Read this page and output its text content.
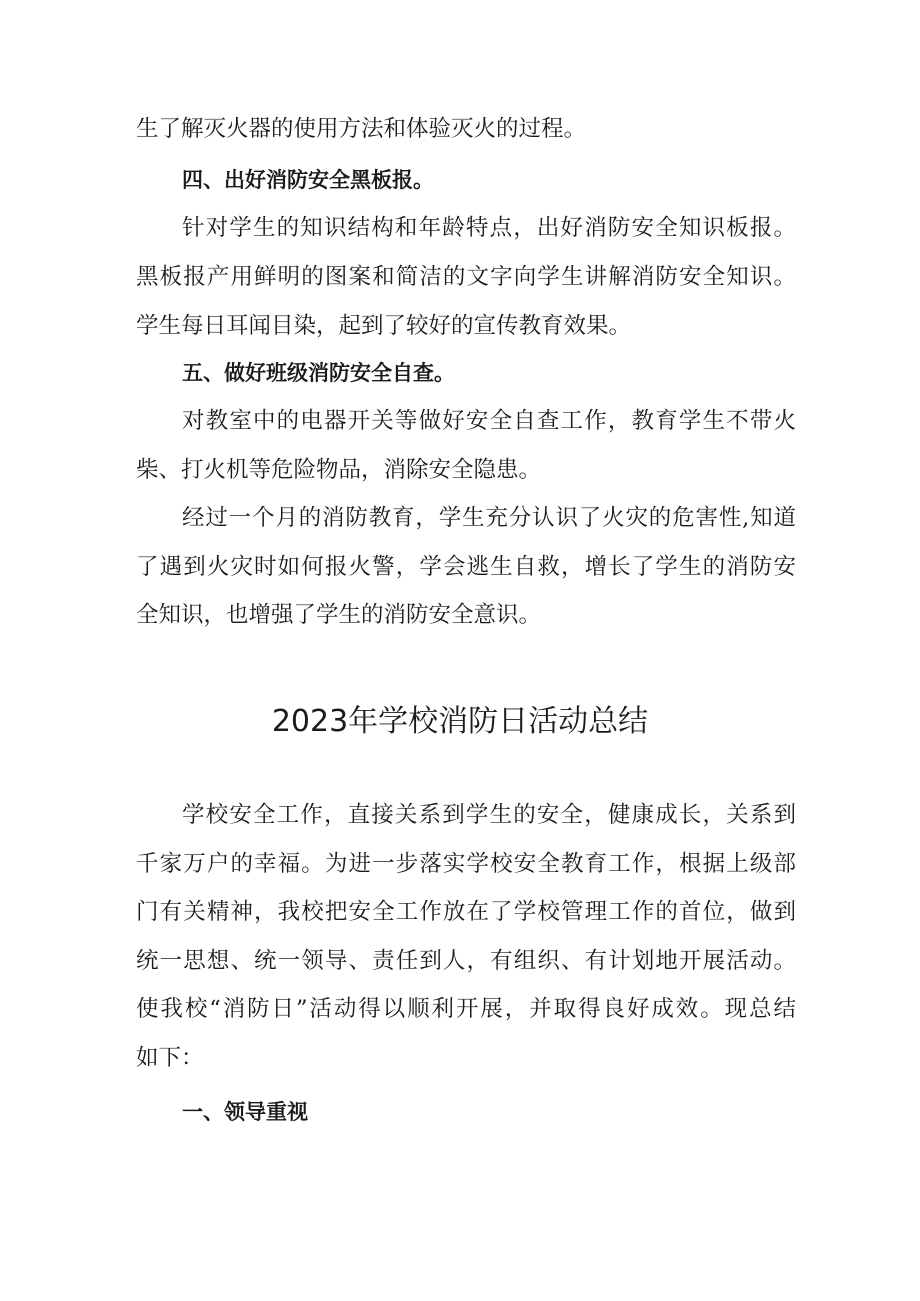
生了解灭火器的使用方法和体验灭火的过程。
四、出好消防安全黑板报。
针对学生的知识结构和年龄特点，出好消防安全知识板报。
黑板报产用鲜明的图案和简洁的文字向学生讲解消防安全知识。
学生每日耳闻目染，起到了较好的宣传教育效果。
五、做好班级消防安全自查。
对教室中的电器开关等做好安全自查工作，教育学生不带火
柴、打火机等危险物品，消除安全隐患。
经过一个月的消防教育，学生充分认识了火灾的危害性,知道
了遇到火灾时如何报火警，学会逃生自救，增长了学生的消防安
全知识，也增强了学生的消防安全意识。
2023年学校消防日活动总结
学校安全工作，直接关系到学生的安全，健康成长，关系到
千家万户的幸福。为进一步落实学校安全教育工作，根据上级部
门有关精神，我校把安全工作放在了学校管理工作的首位，做到
统一思想、统一领导、责任到人，有组织、有计划地开展活动。
使我校“消防日”活动得以顺利开展，并取得良好成效。现总结
如下：
一、领导重视
